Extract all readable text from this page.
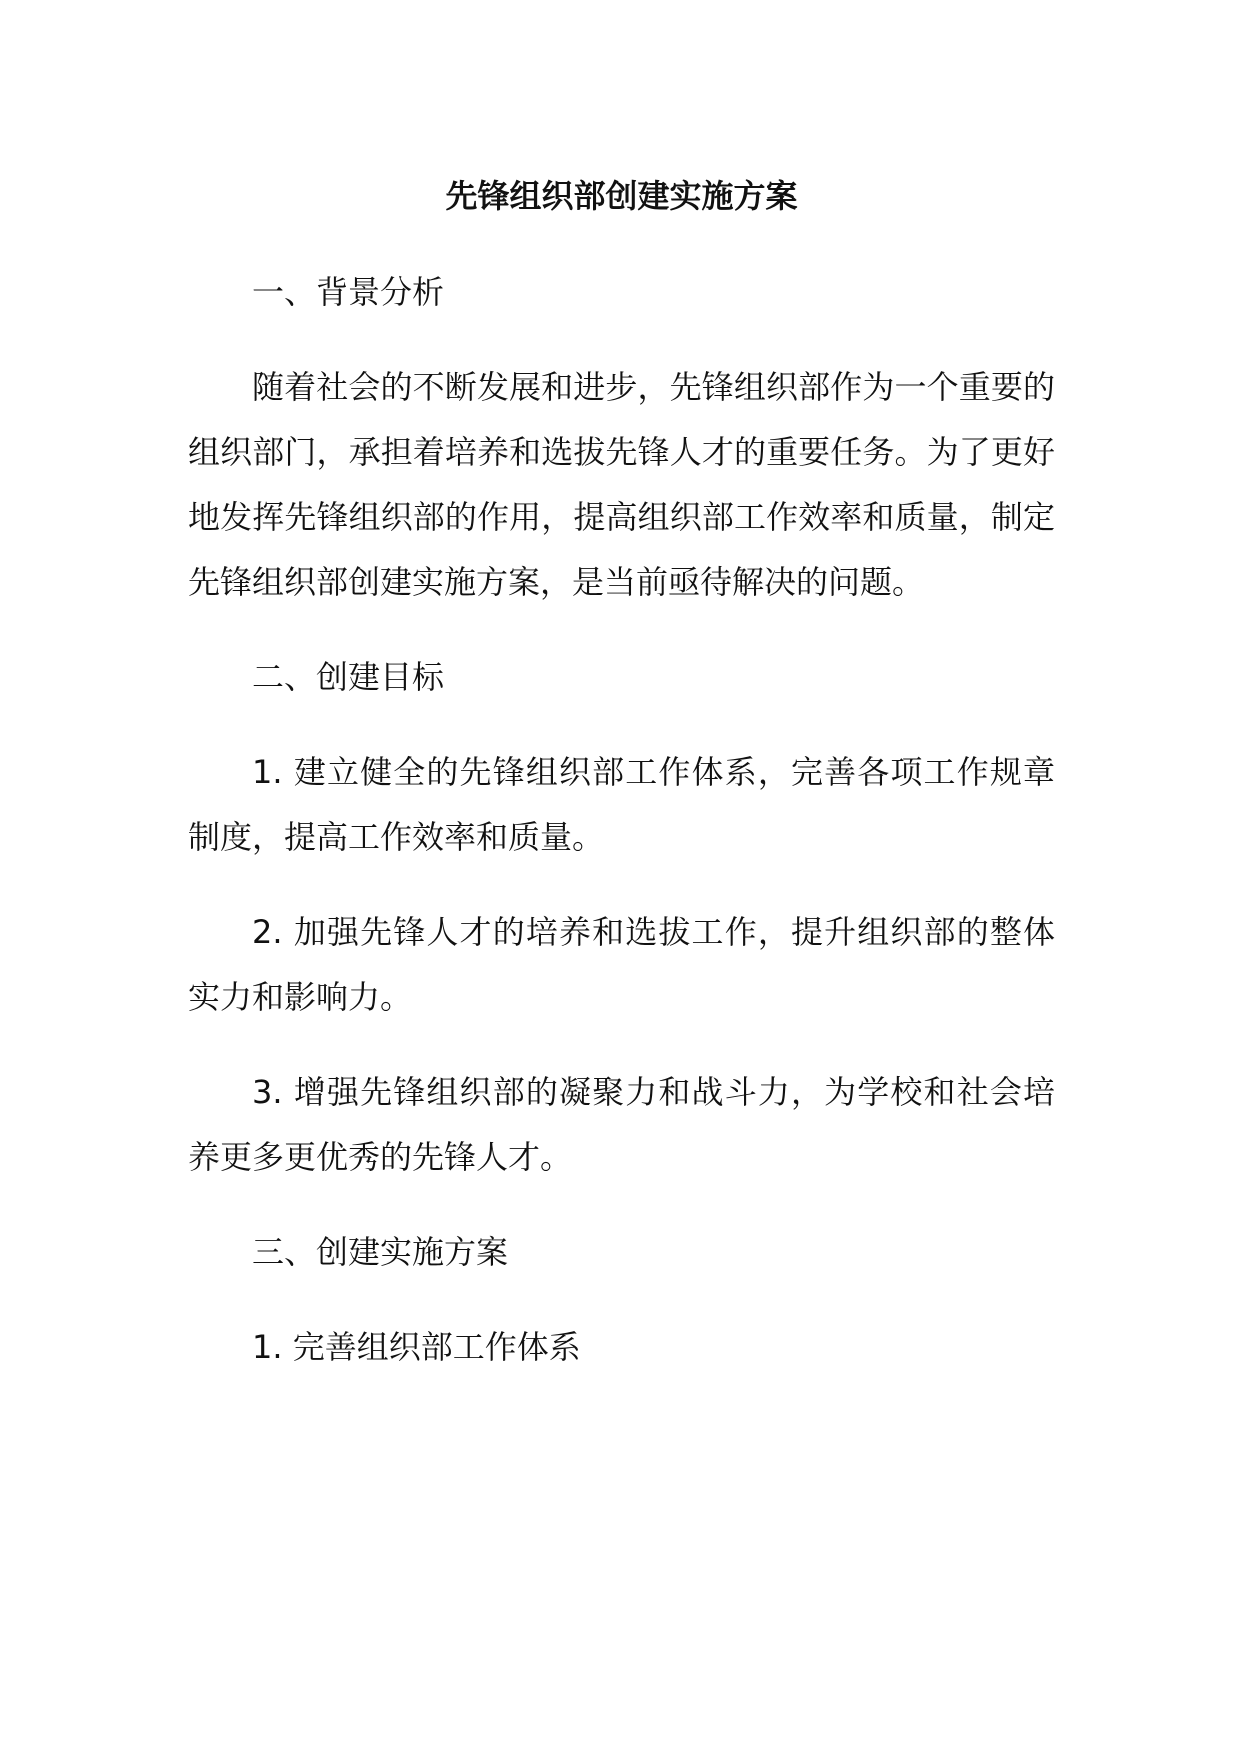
先锋组织部创建实施方案

一、背景分析

随着社会的不断发展和进步，先锋组织部作为一个重要的组织部门，承担着培养和选拔先锋人才的重要任务。为了更好地发挥先锋组织部的作用，提高组织部工作效率和质量，制定先锋组织部创建实施方案，是当前亟待解决的问题。

二、创建目标

1. 建立健全的先锋组织部工作体系，完善各项工作规章制度，提高工作效率和质量。

2. 加强先锋人才的培养和选拔工作，提升组织部的整体实力和影响力。

3. 增强先锋组织部的凝聚力和战斗力，为学校和社会培养更多更优秀的先锋人才。

三、创建实施方案

1. 完善组织部工作体系
